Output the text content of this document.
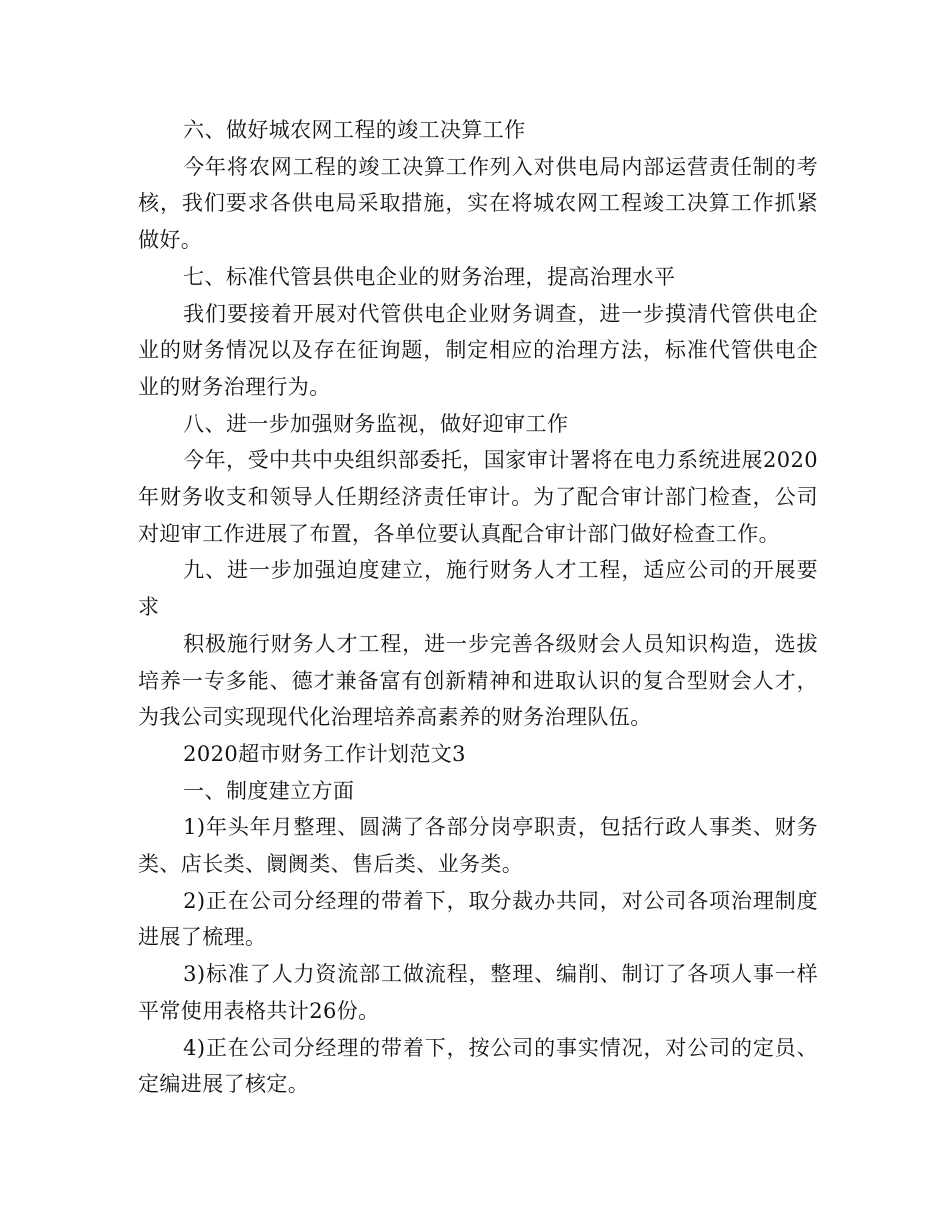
六、做好城农网工程的竣工决算工作

今年将农网工程的竣工决算工作列入对供电局内部运营责任制的考核，我们要求各供电局采取措施，实在将城农网工程竣工决算工作抓紧做好。

七、标准代管县供电企业的财务治理，提高治理水平

我们要接着开展对代管供电企业财务调查，进一步摸清代管供电企业的财务情况以及存在征询题，制定相应的治理方法，标准代管供电企业的财务治理行为。

八、进一步加强财务监视，做好迎审工作

今年，受中共中央组织部委托，国家审计署将在电力系统进展2020年财务收支和领导人任期经济责任审计。为了配合审计部门检查，公司对迎审工作进展了布置，各单位要认真配合审计部门做好检查工作。

九、进一步加强迫度建立，施行财务人才工程，适应公司的开展要求

积极施行财务人才工程，进一步完善各级财会人员知识构造，选拔培养一专多能、德才兼备富有创新精神和进取认识的复合型财会人才，为我公司实现现代化治理培养高素养的财务治理队伍。

2020超市财务工作计划范文3

一、制度建立方面

1)年头年月整理、圆满了各部分岗亭职责，包括行政人事类、财务类、店长类、阛阓类、售后类、业务类。

2)正在公司分经理的带着下，取分裁办共同，对公司各项治理制度进展了梳理。

3)标准了人力资流部工做流程，整理、编削、制订了各项人事一样平常使用表格共计26份。

4)正在公司分经理的带着下，按公司的事实情况，对公司的定员、定编进展了核定。
